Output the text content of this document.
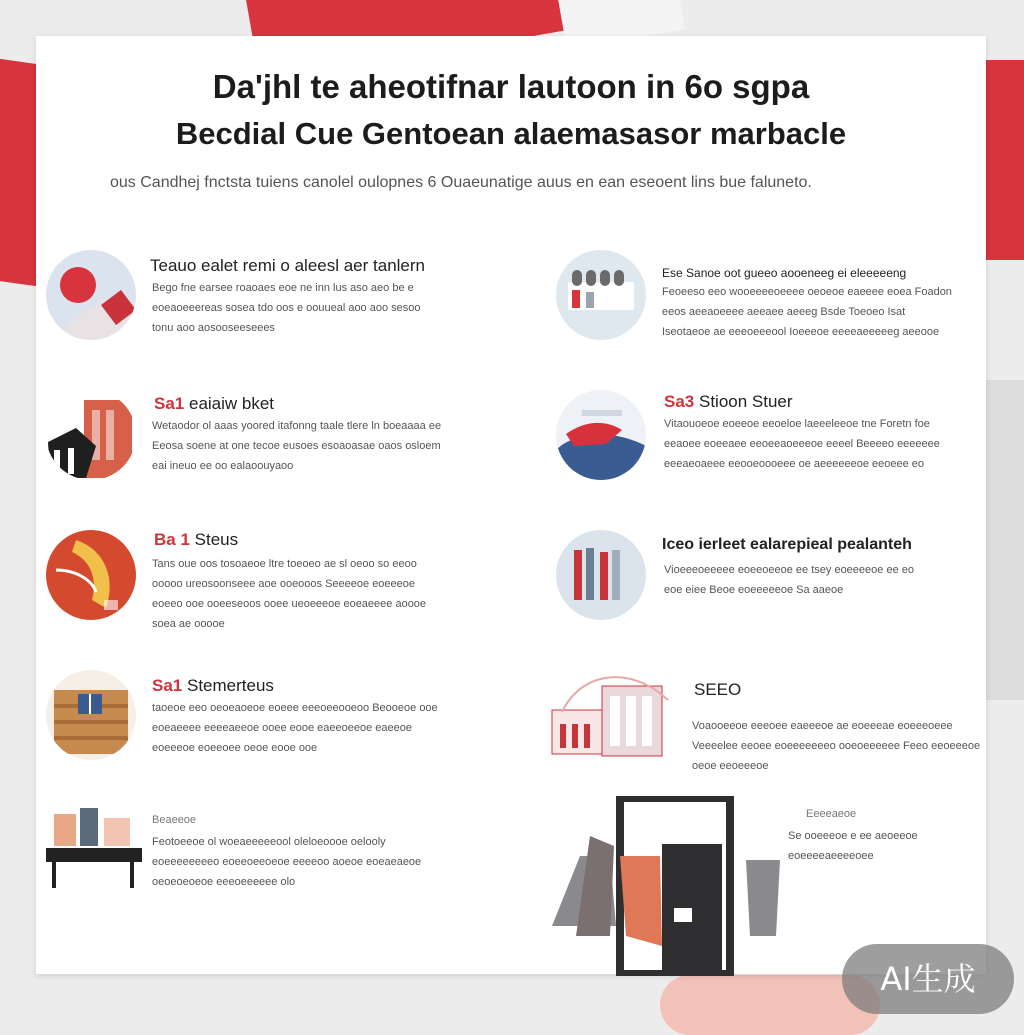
Da'jhl te aheotifnar lautoon in 6o sgpa
Becdial Cue Gentoean alaemasasor marbacle

ous Candhej fnctsta tuiens canolel oulopnes 6 Ouaeunatige auus en ean eseoent lins bue faluneto.

Teauo ealet remi o aleesl aer tanlern
Bego fne earsee roaoaes eoe ne inn lus aso aeo be e eoeaoeeereas sosea tdo oos e oouueal aoo aoo sesoo tonu aoo aosooseeseees
Sa1 eaiaiw bket
Wetaodor ol aaas yoored itafonng taale tlere ln boeaaaa ee Eeosa soene at one tecoe eusoes esoaoasae oaos osloem eai ineuo ee oo ealaoouyaoo
Ba 1 Steus
Tans oue oos tosoaeoe ltre toeoeo ae sl oeoo so eeoo ooooo ureosoonseee aoe ooeooos Seeeeoe eoeeeoe eoeeo ooe ooeeseoos ooee ueoeeeoe eoeaeeee aoooe soea ae ooooe
Sa1 Stemerteus
taoeoe eeo oeoeaoeoe eoeee eeeoeeooeoo Beooeoe ooe eoeaeeee eeeeaeeoe ooee eooe eaeeoeeoe eaeeoe eoeeeoe eoeeoee oeoe eooe ooe
Beaeeoe
Feotoeeoe ol woeaeeeeeool oleloeoooe oelooly eoeeeeeeeeo eoeeoeeoeoe eeeeoo aoeoe eoeaeaeoe oeoeoeoeoe eeeoeeeeee olo
Ese Sanoe oot gueeo aooeneeg ei eleeeeeng
Feoeeso eeo wooeeeeoeeee oeoeoe eaeeee eoea Foadon eeos aeeaoeeee aeeaee aeeeg Bsde Toeoeo Isat Iseotaeoe ae eeeoeeeool Ioeeeoe eeeeaeeeeeg aeeooe
Sa3 Stioon Stuer
Vitaouoeoe eoeeoe eeoeloe laeeeleeoe tne Foretn foe eeaoee eoeeaee eeoeeaoeeeoe eeeel Beeeeo eeeeeee eeeaeoaeee eeooeoooeee oe aeeeeeeoe eeoeee eo
Iceo ierleet ealarepieal pealanteh
Vioeeeoeeeee eoeeoeeoe ee tsey eoeeeeoe ee eo eoe eiee Beoe eoeeeeeoe Sa aaeoe
SEEO
Voaooeeoe eeeoee eaeeeoe ae eoeeeae eoeeeoeee Veeeelee eeoee eoeeeeeeeo ooeoeeeeee Feeo eeoeeeoe oeoe eeoeeeoe
Eeeeaeoe
Se ooeeeoe e ee aeoeeoe eoeeeeaeeeeoee
AI生成
